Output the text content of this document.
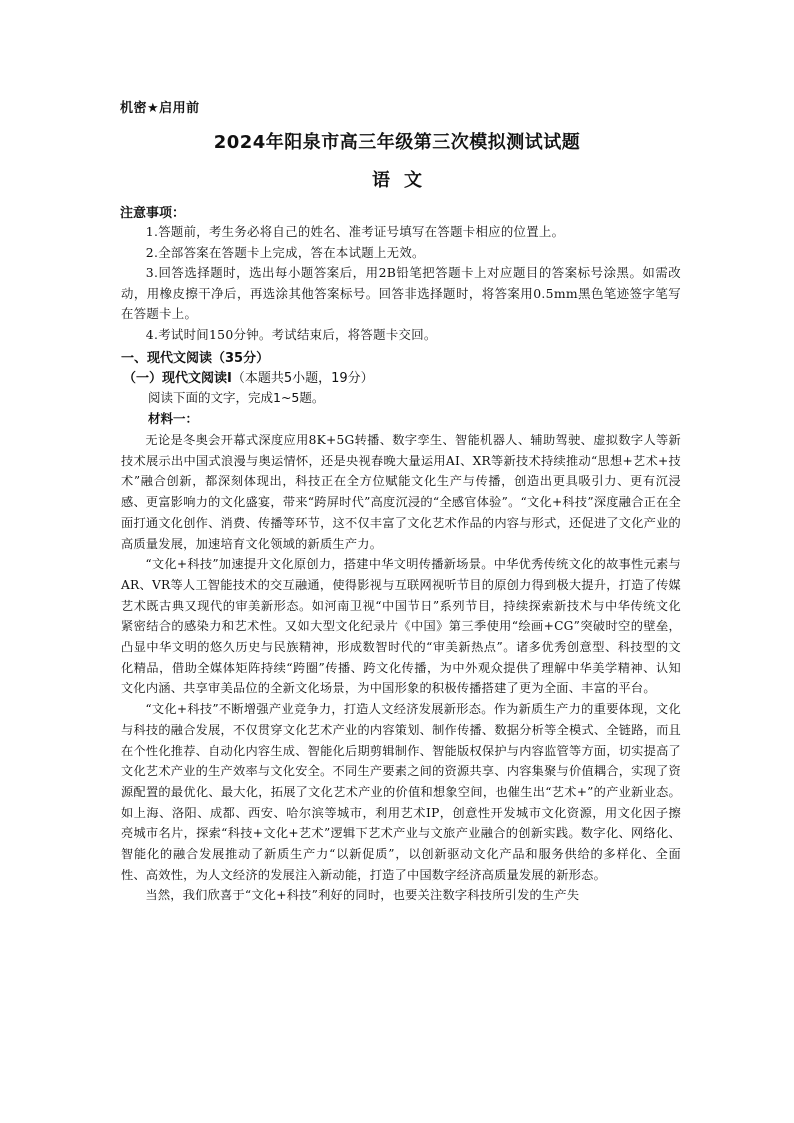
机密★启用前
2024年阳泉市高三年级第三次模拟测试试题
语文
注意事项：

1.答题前，考生务必将自己的姓名、准考证号填写在答题卡相应的位置上。

2.全部答案在答题卡上完成，答在本试题上无效。

3.回答选择题时，选出每小题答案后，用2B铅笔把答题卡上对应题目的答案标号涂黑。如需改动，用橡皮擦干净后，再选涂其他答案标号。回答非选择题时，将答案用0.5mm黑色笔迹签字笔写在答题卡上。

4.考试时间150分钟。考试结束后，将答题卡交回。

一、现代文阅读（35分）
（一）现代文阅读Ⅰ（本题共5小题，19分）
阅读下面的文字，完成1~5题。
材料一：

无论是冬奥会开幕式深度应用8K+5G转播、数字孪生、智能机器人、辅助驾驶、虚拟数字人等新技术展示出中国式浪漫与奥运情怀，还是央视春晚大量运用AI、XR等新技术持续推动“思想+艺术+技术”融合创新，都深刻体现出，科技正在全方位赋能文化生产与传播，创造出更具吸引力、更有沉浸感、更富影响力的文化盛宴，带来“跨屏时代”高度沉浸的“全感官体验”。“文化+科技”深度融合正在全面打通文化创作、消费、传播等环节，这不仅丰富了文化艺术作品的内容与形式，还促进了文化产业的高质量发展，加速培育文化领域的新质生产力。

“文化+科技”加速提升文化原创力，搭建中华文明传播新场景。中华优秀传统文化的故事性元素与AR、VR等人工智能技术的交互融通，使得影视与互联网视听节目的原创力得到极大提升，打造了传媒艺术既古典又现代的审美新形态。如河南卫视“中国节日”系列节目，持续探索新技术与中华传统文化紧密结合的感染力和艺术性。又如大型文化纪录片《中国》第三季使用“绘画+CG”突破时空的壁垒，凸显中华文明的悠久历史与民族精神，形成数智时代的“审美新热点”。诸多优秀创意型、科技型的文化精品，借助全媒体矩阵持续“跨圈”传播、跨文化传播，为中外观众提供了理解中华美学精神、认知文化内涵、共享审美品位的全新文化场景，为中国形象的积极传播搭建了更为全面、丰富的平台。

“文化+科技”不断增强产业竞争力，打造人文经济发展新形态。作为新质生产力的重要体现，文化与科技的融合发展，不仅贯穿文化艺术产业的内容策划、制作传播、数据分析等全模式、全链路，而且在个性化推荐、自动化内容生成、智能化后期剪辑制作、智能版权保护与内容监管等方面，切实提高了文化艺术产业的生产效率与文化安全。不同生产要素之间的资源共享、内容集聚与价值耦合，实现了资源配置的最优化、最大化，拓展了文化艺术产业的价值和想象空间，也催生出“艺术+”的产业新业态。如上海、洛阳、成都、西安、哈尔滨等城市，利用艺术IP，创意性开发城市文化资源，用文化因子擦亮城市名片，探索“科技+文化+艺术”逻辑下艺术产业与文旅产业融合的创新实践。数字化、网络化、智能化的融合发展推动了新质生产力“以新促质”，以创新驱动文化产品和服务供给的多样化、全面性、高效性，为人文经济的发展注入新动能，打造了中国数字经济高质量发展的新形态。

当然，我们欣喜于“文化+科技”利好的同时，也要关注数字科技所引发的生产失
